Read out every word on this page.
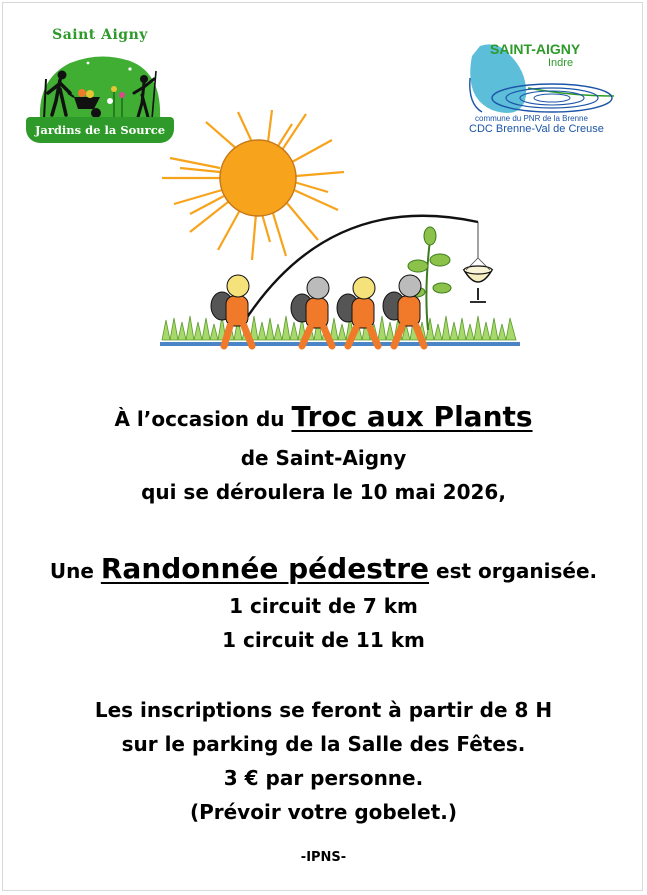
Saint Aigny
Jardins de la Source
SAINT-AIGNY
Indre
commune du PNR de la Brenne
CDC Brenne-Val de Creuse
À l’occasion du Troc aux Plants
de Saint-Aigny
qui se déroulera le 10 mai 2026,
Une Randonnée pédestre est organisée.
1 circuit de 7 km
1 circuit de 11 km
Les inscriptions se feront à partir de 8 H
sur le parking de la Salle des Fêtes.
3 € par personne.
(Prévoir votre gobelet.)
-IPNS-
